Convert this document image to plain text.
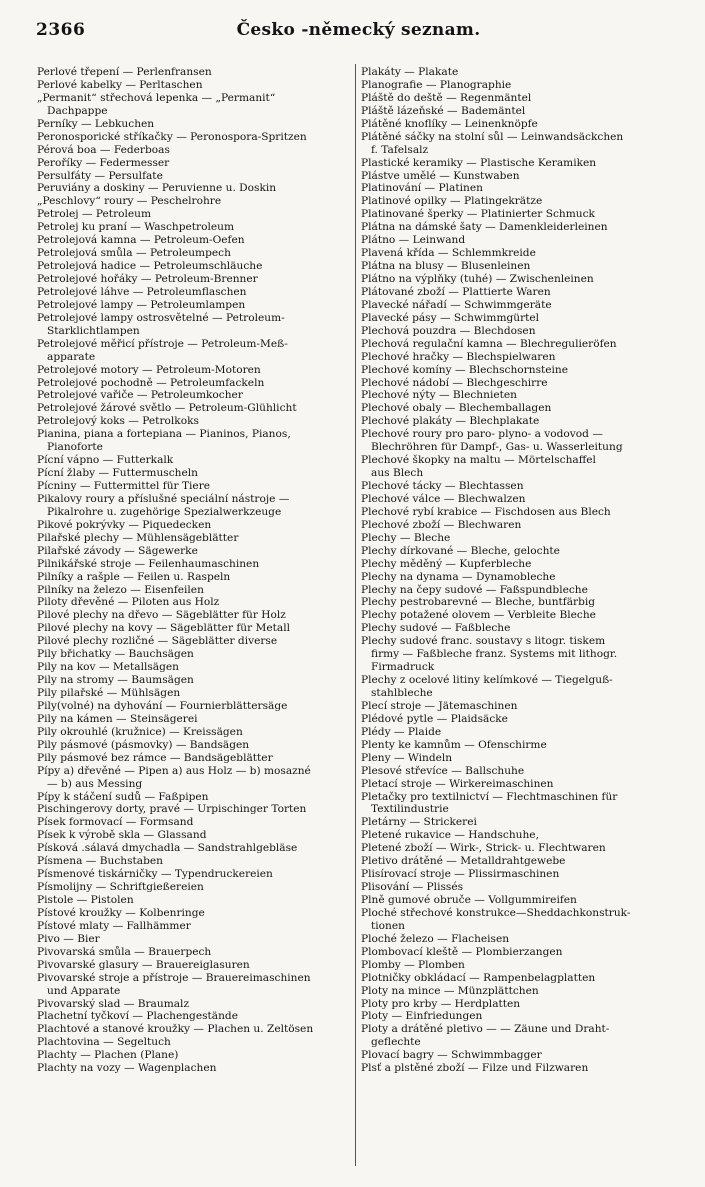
2366	Česko -německý seznam.
Perlové třepení — Perlenfransen
Perlové kabelky — Perltaschen
„Permanit“ střechová lepenka — „Permanit“
Dachpappe
Perníky — Lebkuchen
Peronosporické stříkačky — Peronospora-Spritzen
Pérová boa — Federboas
Peroříky — Federmesser
Persulfáty — Persulfate
Peruviány a doskiny — Peruvienne u. Doskin
„Peschlovy“ roury — Peschelrohre
Petrolej — Petroleum
Petrolej ku praní — Waschpetroleum
Petrolejová kamna — Petroleum-Oefen
Petrolejová smůla — Petroleumpech
Petrolejová hadice — Petroleumschläuche
Petrolejové hořáky — Petroleum-Brenner
Petrolejové láhve — Petroleumflaschen
Petrolejové lampy — Petroleumlampen
Petrolejové lampy ostrosvětelné — Petroleum-
Starklichtlampen
Petrolejové měřicí přístroje — Petroleum-Meß-
apparate
Petrolejové motory — Petroleum-Motoren
Petrolejové pochodně — Petroleumfackeln
Petrolejové vařiče — Petroleumkocher
Petrolejové žárové světlo — Petroleum-Glühlicht
Petrolejový koks — Petrolkoks
Pianina, piana a fortepiana — Pianinos, Pianos,
Pianoforte
Pícní vápno — Futterkalk
Pícní žlaby — Futtermuscheln
Pícniny — Futtermittel für Tiere
Pikalovy roury a příslušné speciální nástroje —
Pikalrohre u. zugehörige Spezialwerkzeuge
Pikové pokrývky — Piquedecken
Pilařské plechy — Mühlensägeblätter
Pilařské závody — Sägewerke
Pilnikářské stroje — Feilenhaumaschinen
Pilníky a rašple — Feilen u. Raspeln
Pilníky na železo — Eisenfeilen
Piloty dřevěné — Piloten aus Holz
Pilové plechy na dřevo — Sägeblätter für Holz
Pilové plechy na kovy — Sägeblätter für Metall
Pilové plechy rozličné — Sägeblätter diverse
Pily břichatky — Bauchsägen
Pily na kov — Metallsägen
Pily na stromy — Baumsägen
Pily pilařské — Mühlsägen
Pily(volné) na dyhování — Fournierblättersäge
Pily na kámen — Steinsägerei
Pily okrouhlé (kružnice) — Kreissägen
Pily pásmové (pásmovky) — Bandsägen
Pily pásmové bez rámce — Bandsägeblätter
Pípy a) dřevěné — Pipen a) aus Holz — b) mosazné
— b) aus Messing
Pípy k stáčení sudů — Faßpipen
Pischingerovy dorty, pravé — Urpischinger Torten
Písek formovací — Formsand
Písek k výrobě skla — Glassand
Písková .sálavá dmychadla — Sandstrahlgebläse
Písmena — Buchstaben
Písmenové tiskárničky — Typendruckereien
Písmolijny — Schriftgießereien
Pistole — Pistolen
Pístové kroužky — Kolbenringe
Pístové mlaty — Fallhämmer
Pivo — Bier
Pivovarská smůla — Brauerpech
Pivovarské glasury — Brauereiglasuren
Pivovarské stroje a přístroje — Brauereimaschinen
und Apparate
Pivovarský slad — Braumalz
Plachetní tyčkoví — Plachengestände
Plachtové a stanové kroužky — Plachen u. Zeltösen
Plachtovina — Segeltuch
Plachty — Plachen (Plane)
Plachty na vozy — Wagenplachen
Plakáty — Plakate
Planografie — Planographie
Pláště do deště — Regenmäntel
Pláště lázeňské — Bademäntel
Plátěné knoflíky — Leinenknöpfe
Plátěné sáčky na stolní sůl — Leinwandsäckchen
f. Tafelsalz
Plastické keramiky — Plastische Keramiken
Plástve umělé — Kunstwaben
Platinování — Platinen
Platinové opilky — Platingekrätze
Platinované šperky — Platinierter Schmuck
Plátna na dámské šaty — Damenkleiderleinen
Plátno — Leinwand
Plavená křída — Schlemmkreide
Plátna na blusy — Blusenleinen
Plátno na výplňky (tuhé) — Zwischenleinen
Plátované zboží — Plattierte Waren
Plavecké nářadí — Schwimmgeräte
Plavecké pásy — Schwimmgürtel
Plechová pouzdra — Blechdosen
Plechová regulační kamna — Blechregulieröfen
Plechové hračky — Blechspielwaren
Plechové komíny — Blechschornsteine
Plechové nádobí — Blechgeschirre
Plechové nýty — Blechnieten
Plechové obaly — Blechemballagen
Plechové plakáty — Blechplakate
Plechové roury pro paro- plyno- a vodovod —
Blechröhren für Dampf-, Gas- u. Wasserleitung
Plechové škopky na maltu — Mörtelschaffel
aus Blech
Plechové tácky — Blechtassen
Plechové válce — Blechwalzen
Plechové rybí krabice — Fischdosen aus Blech
Plechové zboží — Blechwaren
Plechy — Bleche
Plechy dírkované — Bleche, gelochte
Plechy měděný — Kupferbleche
Plechy na dynama — Dynamobleche
Plechy na čepy sudové — Faßspundbleche
Plechy pestrobarevné — Bleche, buntfärbig
Plechy potažené olovem — Verbleite Bleche
Plechy sudové — Faßbleche
Plechy sudové franc. soustavy s litogr. tiskem
firmy — Faßbleche franz. Systems mit lithogr.
Firmadruck
Plechy z ocelové litiny kelímkové — Tiegelguß-
stahlbleche
Plecí stroje — Jätemaschinen
Plédové pytle — Plaidsäcke
Plédy — Plaide
Plenty ke kamnům — Ofenschirme
Pleny — Windeln
Plesové střevíce — Ballschuhe
Pletací stroje — Wirkereimaschinen
Pletačky pro textilnictví — Flechtmaschinen für
Textilindustrie
Pletárny — Strickerei
Pletené rukavice — Handschuhe,
Pletené zboží — Wirk-, Strick- u. Flechtwaren
Pletivo drátěné — Metalldrahtgewebe
Plisírovací stroje — Plissirmaschinen
Plisování — Plissés
Plně gumové obruče — Vollgummireifen
Ploché střechové konstrukce—Sheddachkonstruk-
tionen
Ploché železo — Flacheisen
Plombovací kleště — Plombierzangen
Plomby — Plomben
Plotničky obkládací — Rampenbelagplatten
Ploty na mince — Münzplättchen
Ploty pro krby — Herdplatten
Ploty — Einfriedungen
Ploty a drátěné pletivo — — Zäune und Draht-
geflechte
Plovací bagry — Schwimmbagger
Plsť a plstěné zboží — Filze und Filzwaren
